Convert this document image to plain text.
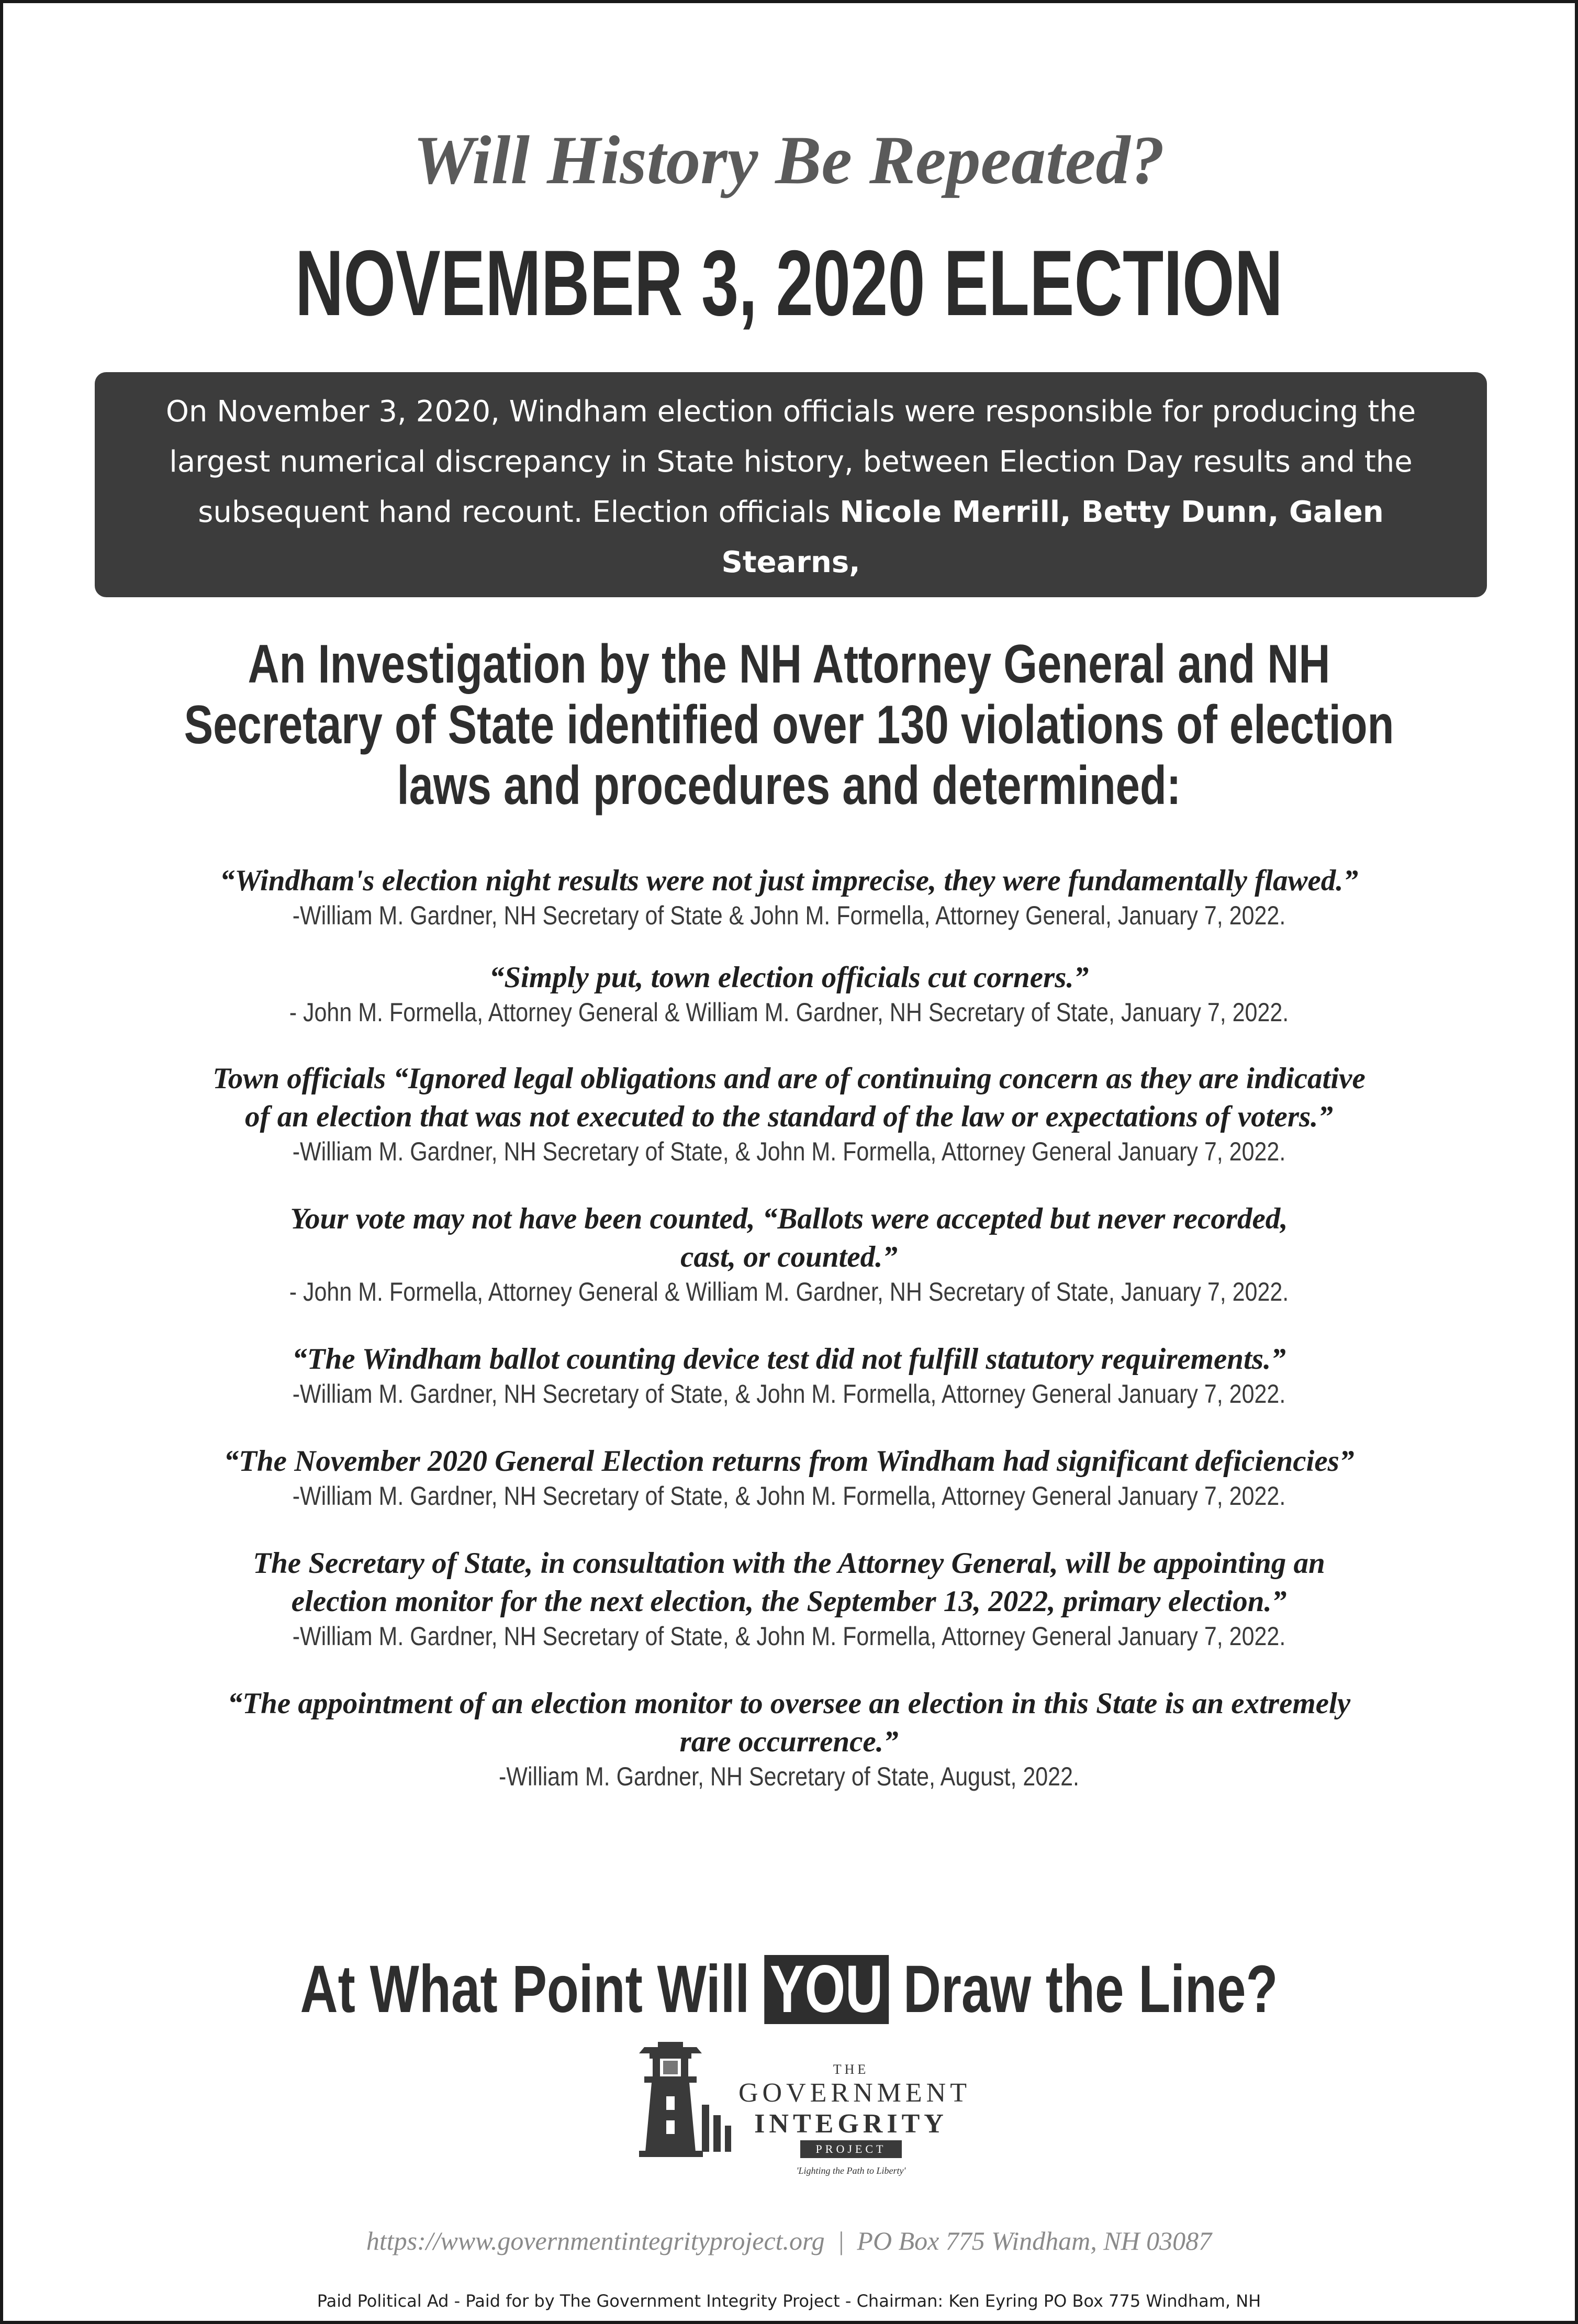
Will History Be Repeated?
NOVEMBER 3, 2020 ELECTION
On November 3, 2020, Windham election officials were responsible for producing the
largest numerical discrepancy in State history, between Election Day results and the
subsequent hand recount. Election officials Nicole Merrill, Betty Dunn, Galen Stearns,
Ross McLeod and Roger Hohenberger will appear on the ballot on March 12th.
An Investigation by the NH Attorney General and NH
Secretary of State identified over 130 violations of election
laws and procedures and determined:
“Windham's election night results were not just imprecise, they were fundamentally flawed.”
-William M. Gardner, NH Secretary of State & John M. Formella, Attorney General, January 7, 2022.
“Simply put, town election officials cut corners.”
- John M. Formella, Attorney General & William M. Gardner, NH Secretary of State, January 7, 2022.
Town officials “Ignored legal obligations and are of continuing concern as they are indicative
of an election that was not executed to the standard of the law or expectations of voters.”
-William M. Gardner, NH Secretary of State, & John M. Formella, Attorney General January 7, 2022.
Your vote may not have been counted, “Ballots were accepted but never recorded,
cast, or counted.”
- John M. Formella, Attorney General & William M. Gardner, NH Secretary of State, January 7, 2022.
“The Windham ballot counting device test did not fulfill statutory requirements.”
-William M. Gardner, NH Secretary of State, & John M. Formella, Attorney General January 7, 2022.
“The November 2020 General Election returns from Windham had significant deficiencies”
-William M. Gardner, NH Secretary of State, & John M. Formella, Attorney General January 7, 2022.
The Secretary of State, in consultation with the Attorney General, will be appointing an
election monitor for the next election, the September 13, 2022, primary election.”
-William M. Gardner, NH Secretary of State, & John M. Formella, Attorney General January 7, 2022.
“The appointment of an election monitor to oversee an election in this State is an extremely
rare occurrence.”
-William M. Gardner, NH Secretary of State, August, 2022.
At What Point Will YOU Draw the Line?
THE
GOVERNMENT
INTEGRITY
PROJECT
'Lighting the Path to Liberty'
https://www.governmentintegrityproject.org | PO Box 775 Windham, NH 03087
Paid Political Ad - Paid for by The Government Integrity Project - Chairman: Ken Eyring PO Box 775 Windham, NH
